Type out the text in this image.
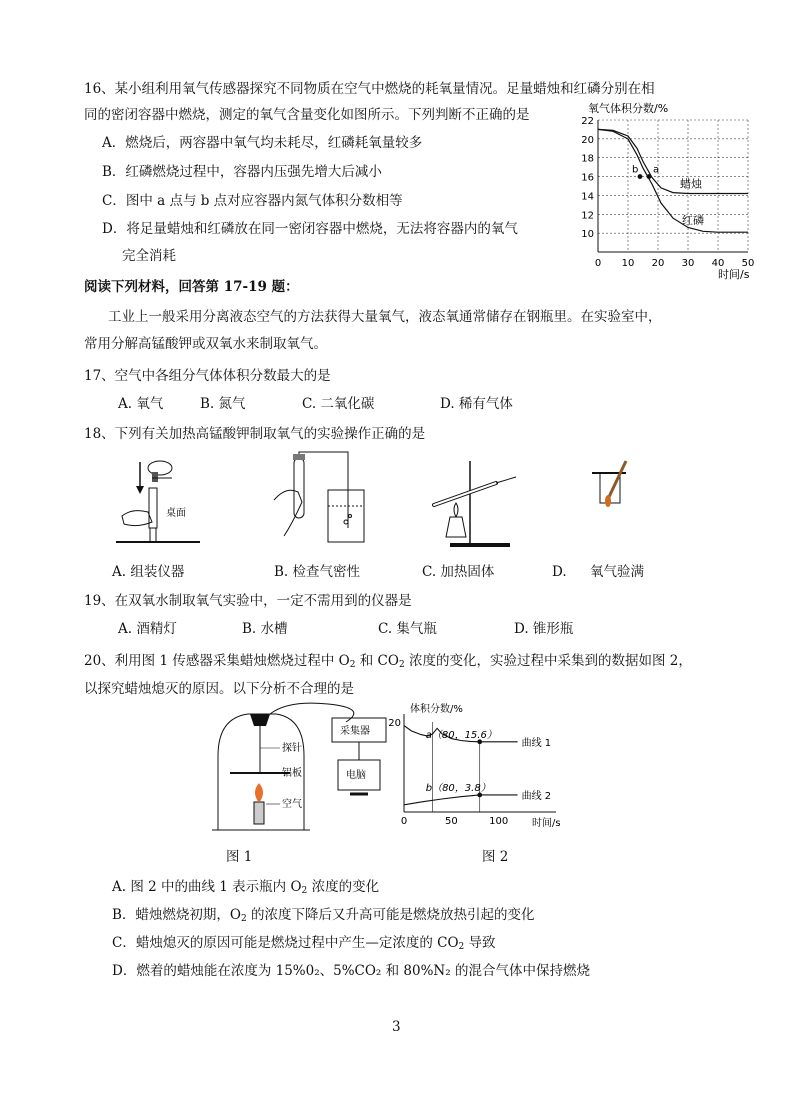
16、某小组利用氧气传感器探究不同物质在空气中燃烧的耗氧量情况。足量蜡烛和红磷分别在相
同的密闭容器中燃烧，测定的氧气含量变化如图所示。下列判断不正确的是
A．燃烧后，两容器中氧气均未耗尽，红磷耗氧量较多
B．红磷燃烧过程中，容器内压强先增大后减小
C．图中 a 点与 b 点对应容器内氮气体积分数相等
D．将足量蜡烛和红磷放在同一密闭容器中燃烧，无法将容器内的氧气
完全消耗
氧气体积分数/%
0 10 20 30 40 50
10
12
14
16
18
20
22
蜡烛
红磷
b a
时间/s
阅读下列材料，回答第 17-19 题：
工业上一般采用分离液态空气的方法获得大量氧气，液态氧通常储存在钢瓶里。在实验室中，
常用分解高锰酸钾或双氧水来制取氧气。
17、空气中各组分气体体积分数最大的是
A. 氧气	B. 氮气	C. 二氧化碳	D. 稀有气体
18、下列有关加热高锰酸钾制取氧气的实验操作正确的是
桌面
A. 组装仪器	B. 检查气密性	C. 加热固体	D. 氧气验满
19、在双氧水制取氧气实验中，一定不需用到的仪器是
A. 酒精灯	B. 水槽	C. 集气瓶	D. 锥形瓶
20、利用图 1 传感器采集蜡烛燃烧过程中 $O_2$ 和 $CO_2$ 浓度的变化，实验过程中采集到的数据如图 2，
以探究蜡烛熄灭的原因。以下分析不合理的是
采集器
电脑
探针
铝板
空气
体积分数/%
0	50	100
20
曲线 1
曲线 2
a（80，15.6）
b（80，3.8）
时间/s
图 1	图 2
A. 图 2 中的曲线 1 表示瓶内 $O_2$ 浓度的变化
B．蜡烛燃烧初期，$O_2$ 的浓度下降后又升高可能是燃烧放热引起的变化
C．蜡烛熄灭的原因可能是燃烧过程中产生—定浓度的 $CO_2$ 导致
D．燃着的蜡烛能在浓度为 15%0₂、5%CO₂ 和 80%N₂ 的混合气体中保持燃烧
3
